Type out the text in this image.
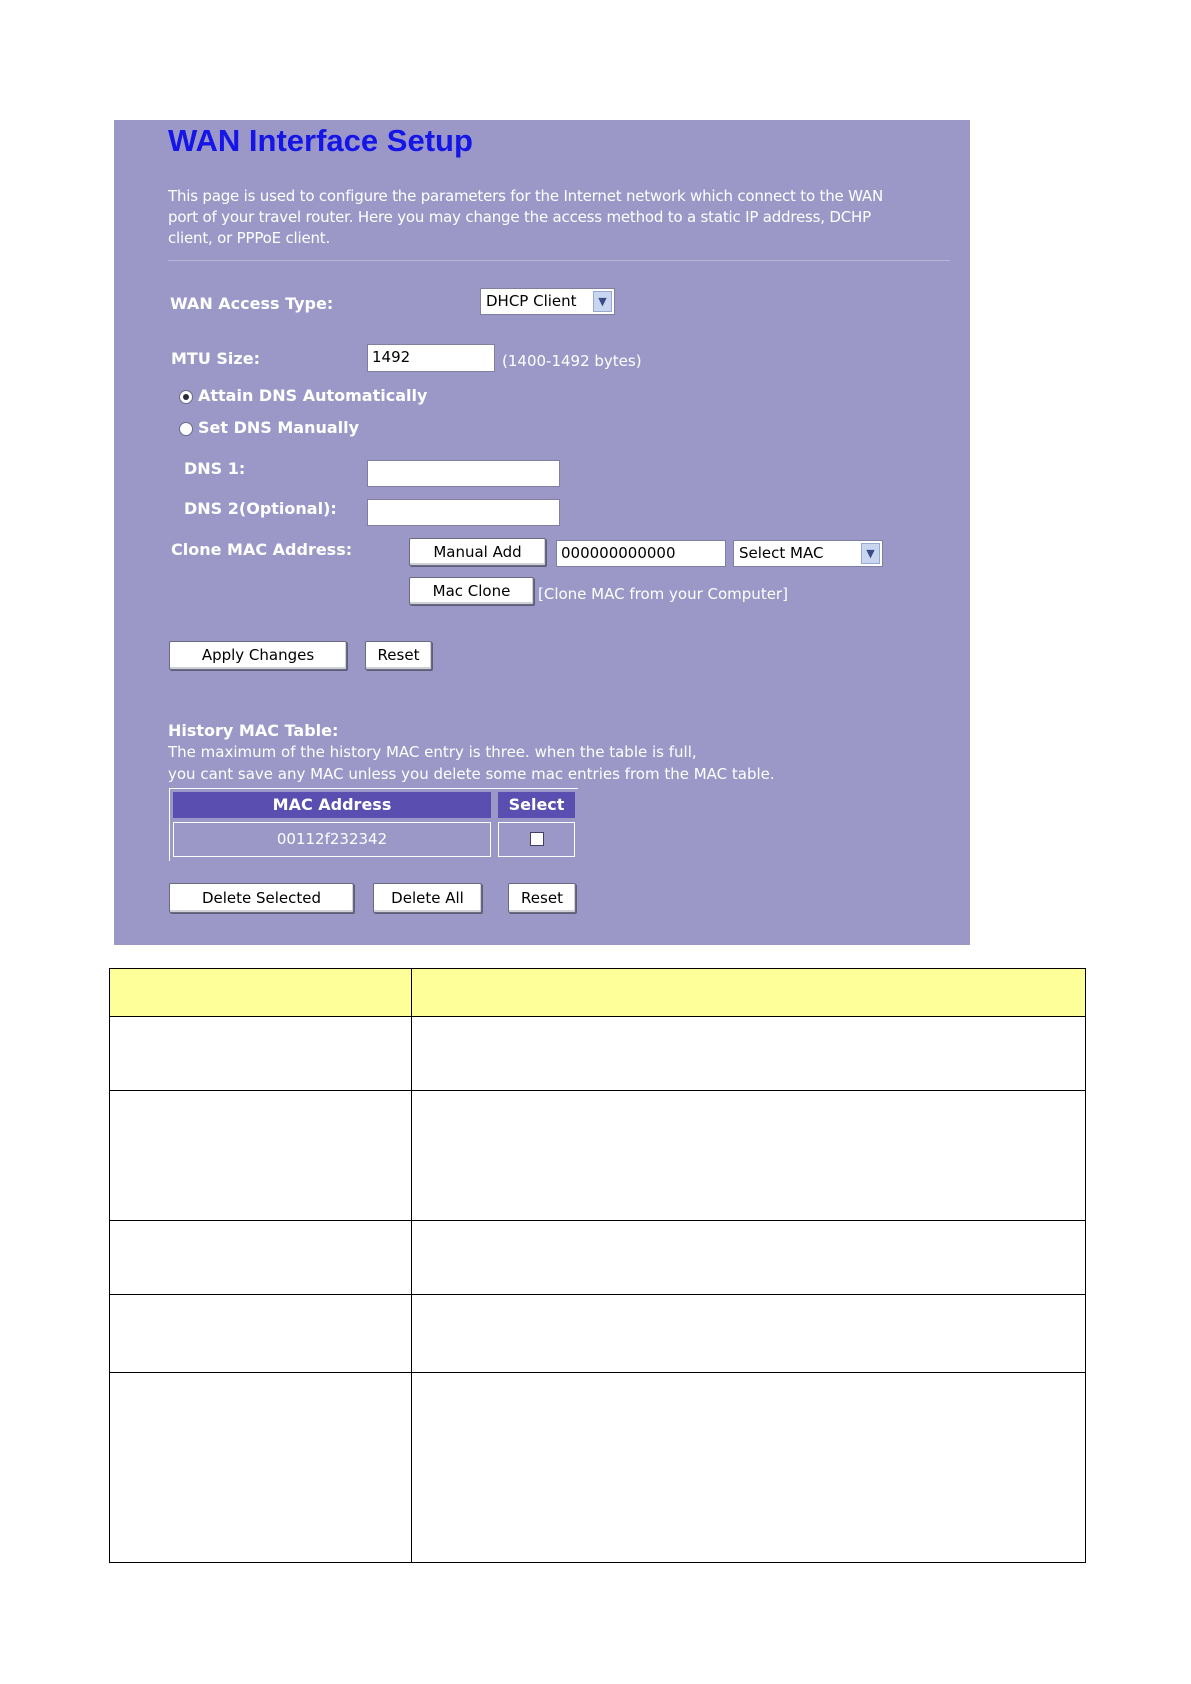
WAN Interface Setup
This page is used to configure the parameters for the Internet network which connect to the WAN port of your travel router. Here you may change the access method to a static IP address, DCHP client, or PPPoE client.
WAN Access Type:	DHCP Client	▼
MTU Size:	1492	(1400-1492 bytes)
Attain DNS Automatically
Set DNS Manually
DNS 1:
DNS 2(Optional):
Clone MAC Address:	Manual Add	000000000000	Select MAC	▼
Mac Clone	[Clone MAC from your Computer]
Apply Changes	Reset
History MAC Table:
The maximum of the history MAC entry is three. when the table is full,
you cant save any MAC unless you delete some mac entries from the MAC table.
MAC Address	Select
00112f232342
Delete Selected	Delete All	Reset
